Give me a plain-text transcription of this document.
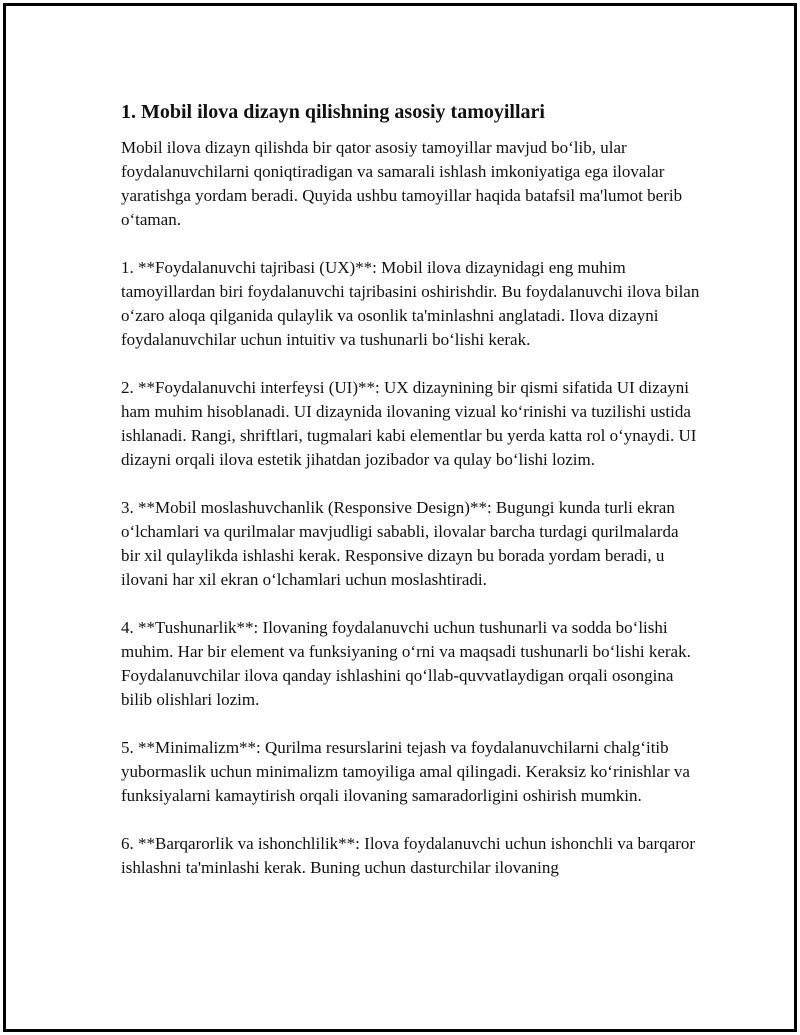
1. Mobil ilova dizayn qilishning asosiy tamoyillari

Mobil ilova dizayn qilishda bir qator asosiy tamoyillar mavjud bo‘lib, ular foydalanuvchilarni qoniqtiradigan va samarali ishlash imkoniyatiga ega ilovalar yaratishga yordam beradi. Quyida ushbu tamoyillar haqida batafsil ma'lumot berib o‘taman.

1. **Foydalanuvchi tajribasi (UX)**: Mobil ilova dizaynidagi eng muhim tamoyillardan biri foydalanuvchi tajribasini oshirishdir. Bu foydalanuvchi ilova bilan o‘zaro aloqa qilganida qulaylik va osonlik ta'minlashni anglatadi. Ilova dizayni foydalanuvchilar uchun intuitiv va tushunarli bo‘lishi kerak.

2. **Foydalanuvchi interfeysi (UI)**: UX dizaynining bir qismi sifatida UI dizayni ham muhim hisoblanadi. UI dizaynida ilovaning vizual ko‘rinishi va tuzilishi ustida ishlanadi. Rangi, shriftlari, tugmalari kabi elementlar bu yerda katta rol o‘ynaydi. UI dizayni orqali ilova estetik jihatdan jozibador va qulay bo‘lishi lozim.

3. **Mobil moslashuvchanlik (Responsive Design)**: Bugungi kunda turli ekran o‘lchamlari va qurilmalar mavjudligi sababli, ilovalar barcha turdagi qurilmalarda bir xil qulaylikda ishlashi kerak. Responsive dizayn bu borada yordam beradi, u ilovani har xil ekran o‘lchamlari uchun moslashtiradi.

4. **Tushunarlik**: Ilovaning foydalanuvchi uchun tushunarli va sodda bo‘lishi muhim. Har bir element va funksiyaning o‘rni va maqsadi tushunarli bo‘lishi kerak. Foydalanuvchilar ilova qanday ishlashini qo‘llab-quvvatlaydigan orqali osongina bilib olishlari lozim.

5. **Minimalizm**: Qurilma resurslarini tejash va foydalanuvchilarni chalg‘itib yubormaslik uchun minimalizm tamoyiliga amal qilingadi. Keraksiz ko‘rinishlar va funksiyalarni kamaytirish orqali ilovaning samaradorligini oshirish mumkin.

6. **Barqarorlik va ishonchlilik**: Ilova foydalanuvchi uchun ishonchli va barqaror ishlashni ta'minlashi kerak. Buning uchun dasturchilar ilovaning
